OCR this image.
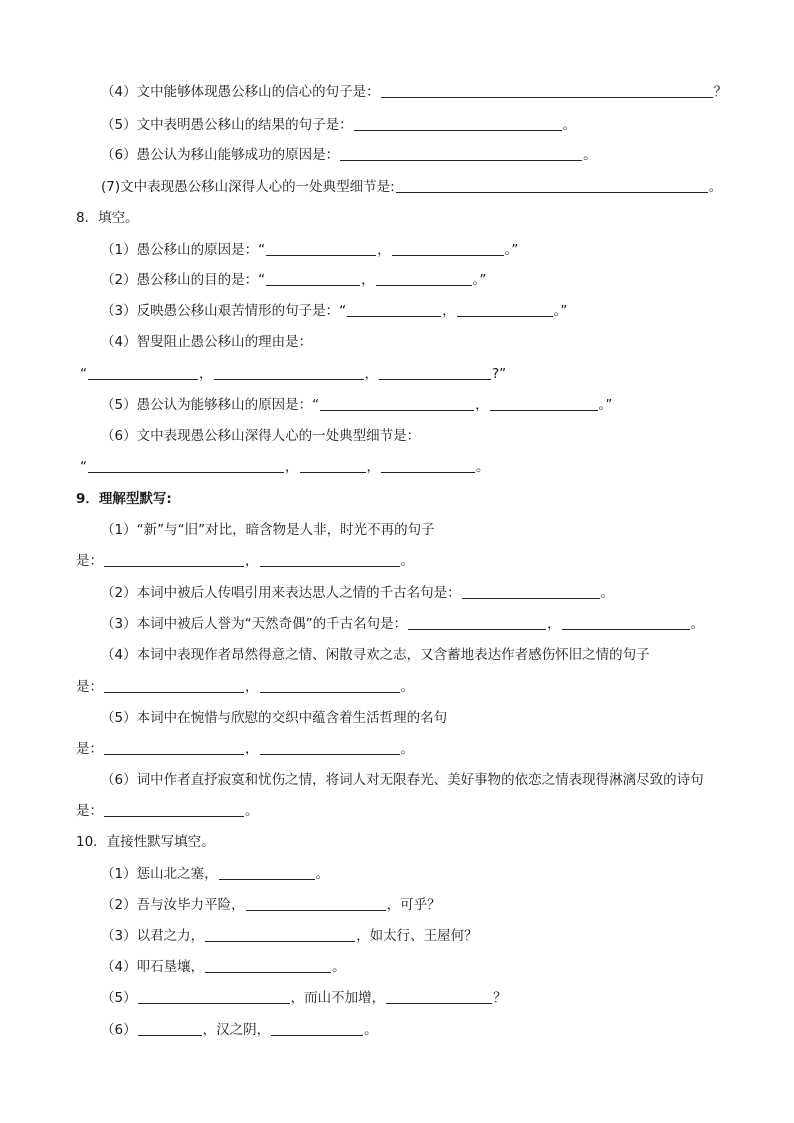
（4）文中能够体现愚公移山的信心的句子是：	？
（5）文中表明愚公移山的结果的句子是：	。
（6）愚公认为移山能够成功的原因是：	。
(7)文中表现愚公移山深得人心的一处典型细节是:	。
8．填空。
（1）愚公移山的原因是：“	，	。”
（2）愚公移山的目的是：“	，	。”
（3）反映愚公移山艰苦情形的句子是：“	，	。”
（4）智叟阻止愚公移山的理由是：
“	，	，	?”
（5）愚公认为能够移山的原因是：“	，	。”
（6）文中表现愚公移山深得人心的一处典型细节是：
“	，	，	。
9．理解型默写:
（1）“新”与“旧”对比，暗含物是人非，时光不再的句子
是：	，	。
（2）本词中被后人传唱引用来表达思人之情的千古名句是：	。
（3）本词中被后人誉为“天然奇偶”的千古名句是：	，	。
（4）本词中表现作者昂然得意之情、闲散寻欢之志，又含蓄地表达作者感伤怀旧之情的句子
是：	，	。
（5）本词中在惋惜与欣慰的交织中蕴含着生活哲理的名句
是：	，	。
（6）词中作者直抒寂寞和忧伤之情，将词人对无限春光、美好事物的依恋之情表现得淋漓尽致的诗句
是：	。
10．直接性默写填空。
（1）惩山北之塞，	。
（2）吾与汝毕力平险，	，可乎？
（3）以君之力，	，如太行、王屋何？
（4）叩石垦壤，	。
（5）	，而山不加增，	？
（6）	，汉之阴，	。
